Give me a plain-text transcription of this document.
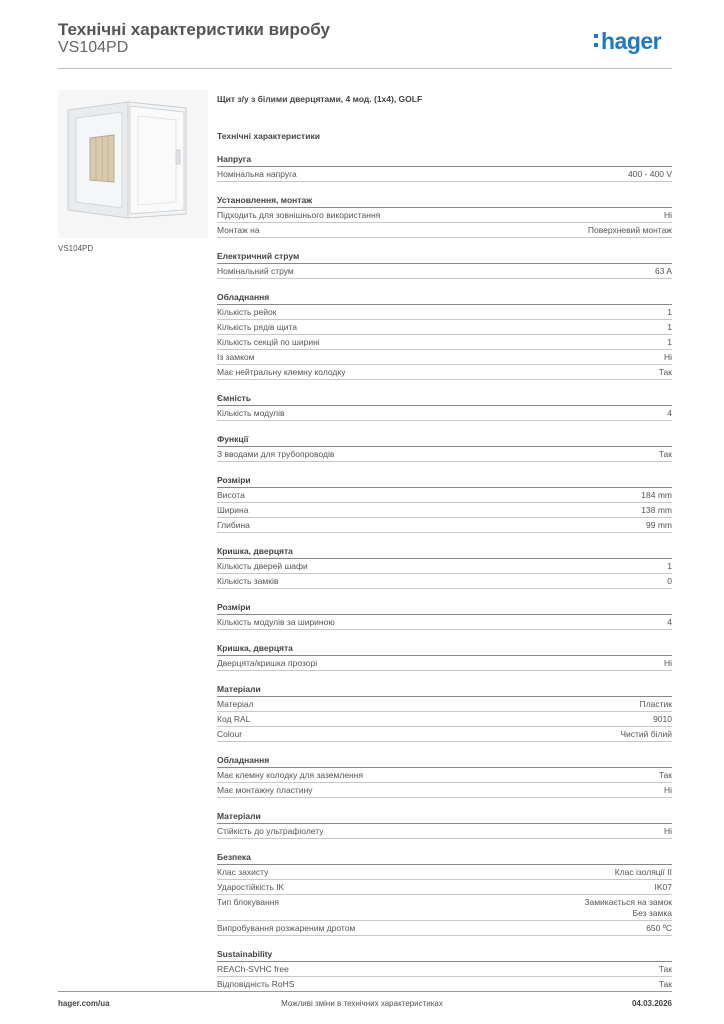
Технічні характеристики виробу
VS104PD	hager
VS104PD
Щит з/у з білими дверцятами, 4 мод. (1х4), GOLF
Технічні характеристики
Напруга
Номінальна напруга	400 - 400 V
Установлення, монтаж
Підходить для зовнішнього використання	Ні
Монтаж на	Поверхневий монтаж
Електричний струм
Номінальний струм	63 A
Обладнання
Кількість рейок	1
Кількість рядів щита	1
Кількість секцій по ширині	1
Із замком	Ні
Має нейтральну клемну колодку	Так
Ємність
Кількість модулів	4
Функції
З вводами для трубопроводів	Так
Розміри
Висота	184 mm
Ширина	138 mm
Глибина	99 mm
Кришка, дверцята
Кількість дверей шафи	1
Кількість замків	0
Розміри
Кількість модулів за шириною	4
Кришка, дверцята
Дверцята/кришка прозорі	Ні
Матеріали
Матеріал	Пластик
Код RAL	9010
Colour	Чистий білий
Обладнання
Має клемну колодку для заземлення	Так
Має монтажну пластину	Ні
Матеріали
Стійкість до ультрафіолету	Ні
Безпека
Клас захисту	Клас ізоляції II
Ударостійкість IK	IK07
Тип блокування	Замикається на замок
Без замка
Випробування розжареним дротом	650 ºC
Sustainability
REACh-SVHC free	Так
Відповідність RoHS	Так
hager.com/ua	Можливі зміни в технічних характеристиках	04.03.2026
